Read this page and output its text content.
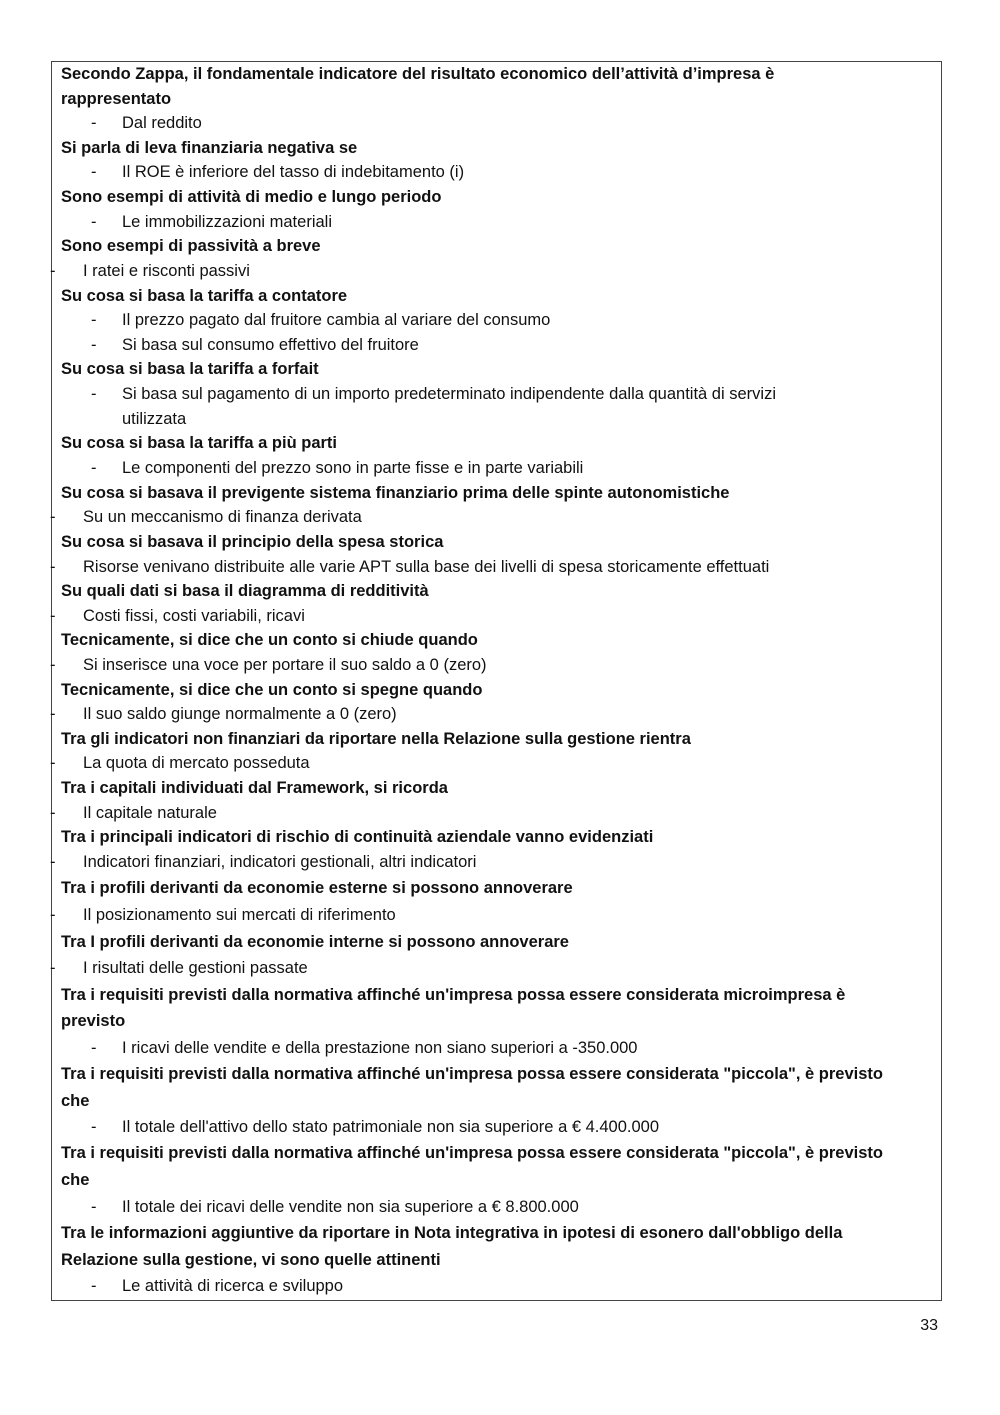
Secondo Zappa, il fondamentale indicatore del risultato economico dell’attività d’impresa è
rappresentato
- Dal reddito
Si parla di leva finanziaria negativa se
- Il ROE è inferiore del tasso di indebitamento (i)
Sono esempi di attività di medio e lungo periodo
- Le immobilizzazioni materiali
Sono esempi di passività a breve
- I ratei e risconti passivi
Su cosa si basa la tariffa a contatore
- Il prezzo pagato dal fruitore cambia al variare del consumo
- Si basa sul consumo effettivo del fruitore
Su cosa si basa la tariffa a forfait
- Si basa sul pagamento di un importo predeterminato indipendente dalla quantità di servizi
utilizzata
Su cosa si basa la tariffa a più parti
- Le componenti del prezzo sono in parte fisse e in parte variabili
Su cosa si basava il previgente sistema finanziario prima delle spinte autonomistiche
- Su un meccanismo di finanza derivata
Su cosa si basava il principio della spesa storica
- Risorse venivano distribuite alle varie APT sulla base dei livelli di spesa storicamente effettuati
Su quali dati si basa il diagramma di redditività
- Costi fissi, costi variabili, ricavi
Tecnicamente, si dice che un conto si chiude quando
- Si inserisce una voce per portare il suo saldo a 0 (zero)
Tecnicamente, si dice che un conto si spegne quando
- Il suo saldo giunge normalmente a 0 (zero)
Tra gli indicatori non finanziari da riportare nella Relazione sulla gestione rientra
- La quota di mercato posseduta
Tra i capitali individuati dal Framework, si ricorda
- Il capitale naturale
Tra i principali indicatori di rischio di continuità aziendale vanno evidenziati
- Indicatori finanziari, indicatori gestionali, altri indicatori
Tra i profili derivanti da economie esterne si possono annoverare
- Il posizionamento sui mercati di riferimento
Tra I profili derivanti da economie interne si possono annoverare
- I risultati delle gestioni passate
Tra i requisiti previsti dalla normativa affinché un'impresa possa essere considerata microimpresa è
previsto
- I ricavi delle vendite e della prestazione non siano superiori a -350.000
Tra i requisiti previsti dalla normativa affinché un'impresa possa essere considerata "piccola", è previsto
che
- Il totale dell'attivo dello stato patrimoniale non sia superiore a € 4.400.000
Tra i requisiti previsti dalla normativa affinché un'impresa possa essere considerata "piccola", è previsto
che
- Il totale dei ricavi delle vendite non sia superiore a € 8.800.000
Tra le informazioni aggiuntive da riportare in Nota integrativa in ipotesi di esonero dall'obbligo della
Relazione sulla gestione, vi sono quelle attinenti
- Le attività di ricerca e sviluppo
33
